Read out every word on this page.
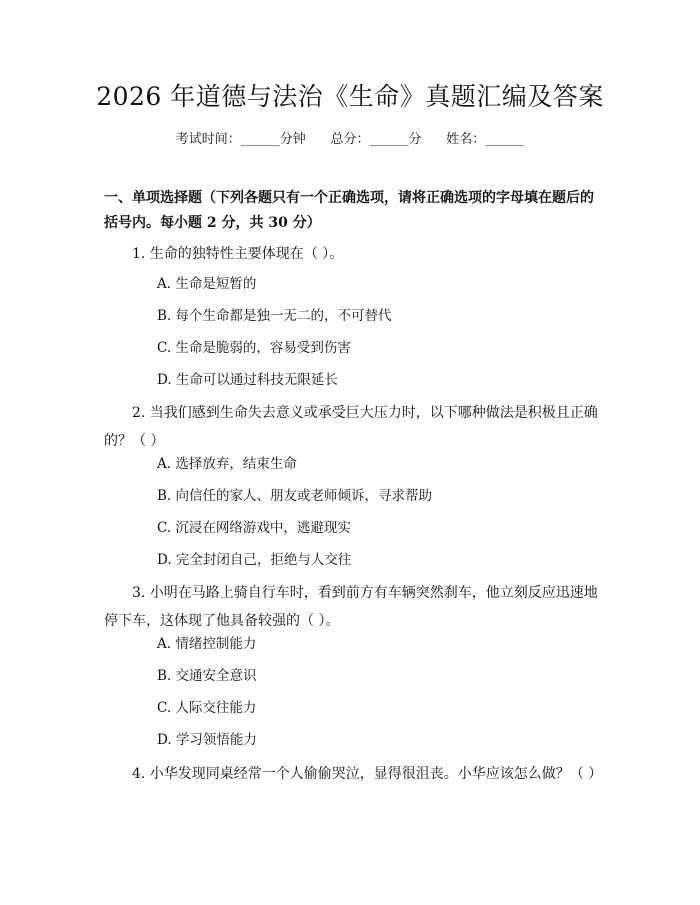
2026 年道德与法治《生命》真题汇编及答案
考试时间：______分钟      总分：______分      姓名：______
一、单项选择题（下列各题只有一个正确选项，请将正确选项的字母填在题后的括号内。每小题 2 分，共 30 分）
1. 生命的独特性主要体现在（ ）。
A. 生命是短暂的
B. 每个生命都是独一无二的，不可替代
C. 生命是脆弱的，容易受到伤害
D. 生命可以通过科技无限延长
2. 当我们感到生命失去意义或承受巨大压力时，以下哪种做法是积极且正确的？（ ）
A. 选择放弃，结束生命
B. 向信任的家人、朋友或老师倾诉，寻求帮助
C. 沉浸在网络游戏中，逃避现实
D. 完全封闭自己，拒绝与人交往
3. 小明在马路上骑自行车时，看到前方有车辆突然刹车，他立刻反应迅速地停下车，这体现了他具备较强的（ ）。
A. 情绪控制能力
B. 交通安全意识
C. 人际交往能力
D. 学习领悟能力
4. 小华发现同桌经常一个人偷偷哭泣，显得很沮丧。小华应该怎么做？（ ）
